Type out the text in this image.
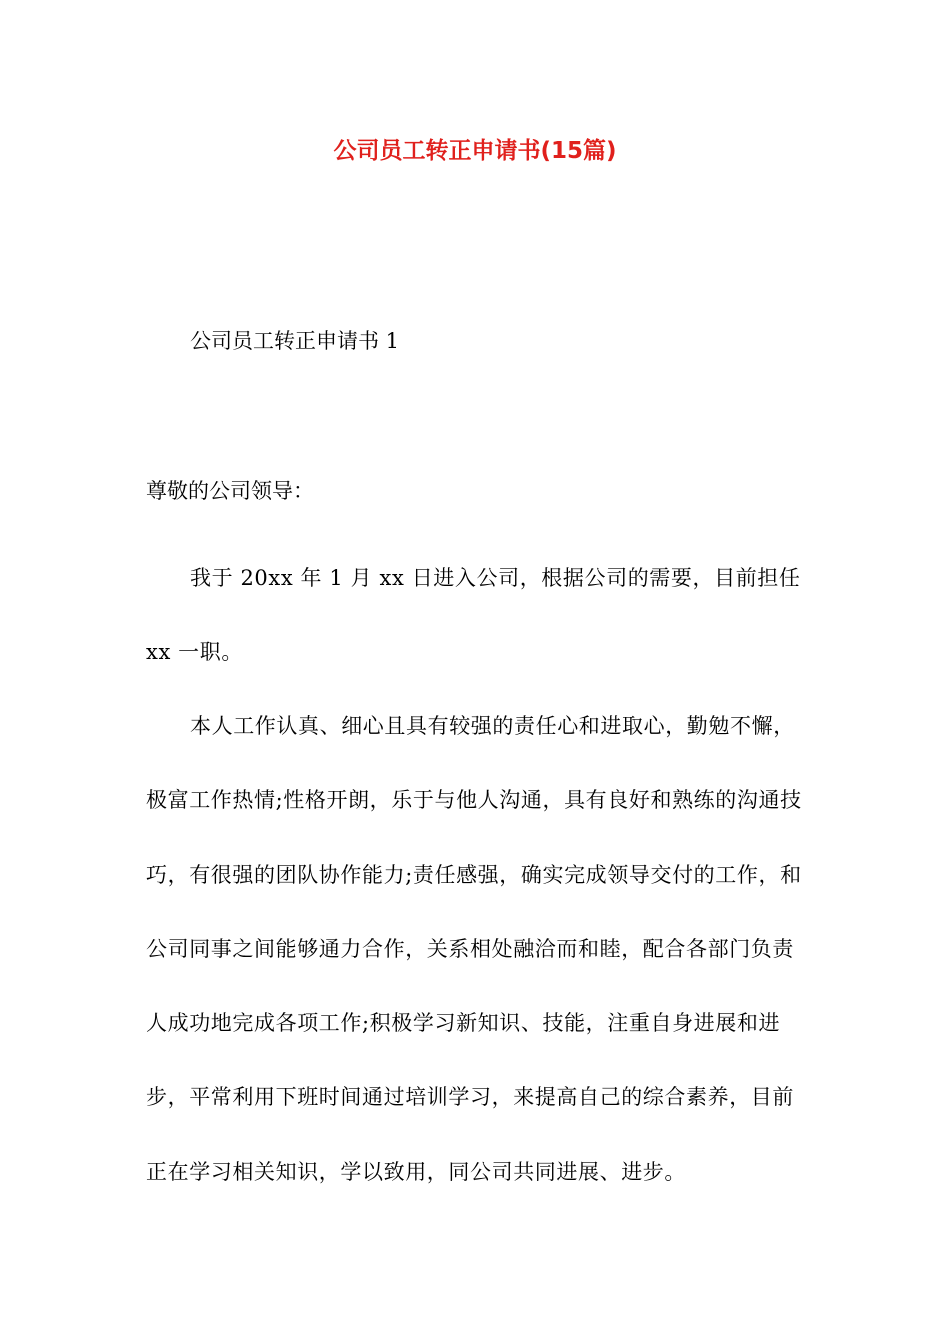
公司员工转正申请书(15篇)
公司员工转正申请书 1
尊敬的公司领导：
我于 20xx 年 1 月 xx 日进入公司，根据公司的需要，目前担任 xx 一职。
本人工作认真、细心且具有较强的责任心和进取心，勤勉不懈，极富工作热情;性格开朗，乐于与他人沟通，具有良好和熟练的沟通技巧，有很强的团队协作能力;责任感强，确实完成领导交付的工作，和公司同事之间能够通力合作，关系相处融洽而和睦，配合各部门负责人成功地完成各项工作;积极学习新知识、技能，注重自身进展和进步，平常利用下班时间通过培训学习，来提高自己的综合素养，目前正在学习相关知识，学以致用，同公司共同进展、进步。
